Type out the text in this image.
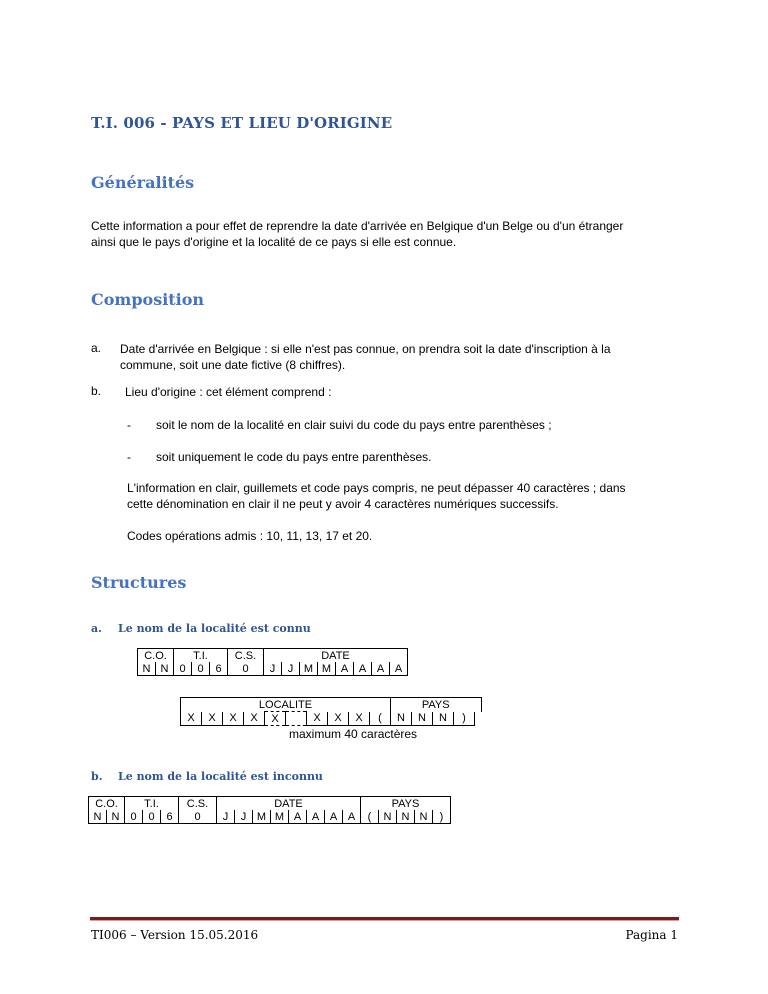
T.I. 006 - PAYS ET LIEU D'ORIGINE
Généralités
Cette information a pour effet de reprendre la date d'arrivée en Belgique d'un Belge ou d'un étranger
ainsi que le pays d'origine et la localité de ce pays si elle est connue.
Composition
a. Date d'arrivée en Belgique : si elle n'est pas connue, on prendra soit la date d'inscription à la
commune, soit une date fictive (8 chiffres).
b. Lieu d'origine : cet élément comprend :
- soit le nom de la localité en clair suivi du code du pays entre parenthèses ;
- soit uniquement le code du pays entre parenthèses.
L'information en clair, guillemets et code pays compris, ne peut dépasser 40 caractères ; dans
cette dénomination en clair il ne peut y avoir 4 caractères numériques successifs.
Codes opérations admis : 10, 11, 13, 17 et 20.
Structures
a. Le nom de la localité est connu
C.O.		T.I.			C.S.	DATE								
N	N	0	0	6	0	J	J	M	M	A	A	A	A	
LOCALITE										PAYS				
X	X	X	X	X		X	X	X	(	N	N	N	)	
maximum 40 caractères
b. Le nom de la localité est inconnu
C.O.		T.I.			C.S.	DATE								PAYS				
N	N	0	0	6	0	J	J	M	M	A	A	A	A	(	N	N	N	)
TI006 – Version 15.05.2016	Pagina 1
